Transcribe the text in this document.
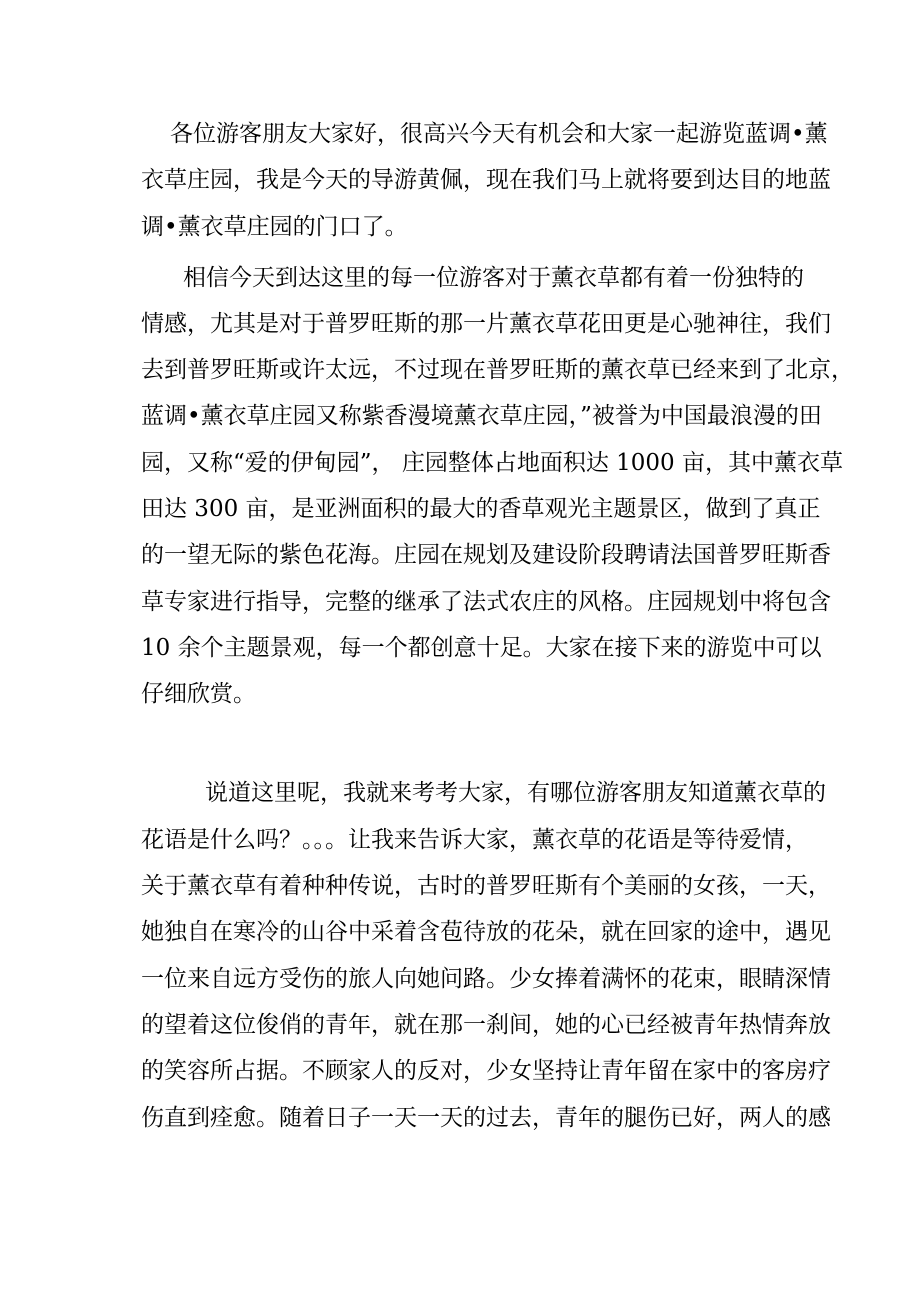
各位游客朋友大家好，很高兴今天有机会和大家一起游览蓝调•薰

衣草庄园，我是今天的导游黄佩，现在我们马上就将要到达目的地蓝

调•薰衣草庄园的门口了。

相信今天到达这里的每一位游客对于薰衣草都有着一份独特的

情感，尤其是对于普罗旺斯的那一片薰衣草花田更是心驰神往，我们

去到普罗旺斯或许太远，不过现在普罗旺斯的薰衣草已经来到了北京，

蓝调•薰衣草庄园又称紫香漫境薰衣草庄园，”被誉为中国最浪漫的田

园，又称“爱的伊甸园”， 庄园整体占地面积达 1000 亩，其中薰衣草

田达 300 亩，是亚洲面积的最大的香草观光主题景区，做到了真正

的一望无际的紫色花海。庄园在规划及建设阶段聘请法国普罗旺斯香

草专家进行指导，完整的继承了法式农庄的风格。庄园规划中将包含

10 余个主题景观，每一个都创意十足。大家在接下来的游览中可以

仔细欣赏。

说道这里呢，我就来考考大家，有哪位游客朋友知道薰衣草的

花语是什么吗？。。。让我来告诉大家，薰衣草的花语是等待爱情，

关于薰衣草有着种种传说，古时的普罗旺斯有个美丽的女孩，一天，

她独自在寒冷的山谷中采着含苞待放的花朵，就在回家的途中，遇见

一位来自远方受伤的旅人向她问路。少女捧着满怀的花束，眼睛深情

的望着这位俊俏的青年，就在那一刹间，她的心已经被青年热情奔放

的笑容所占据。不顾家人的反对，少女坚持让青年留在家中的客房疗

伤直到痊愈。随着日子一天一天的过去，青年的腿伤已好，两人的感
